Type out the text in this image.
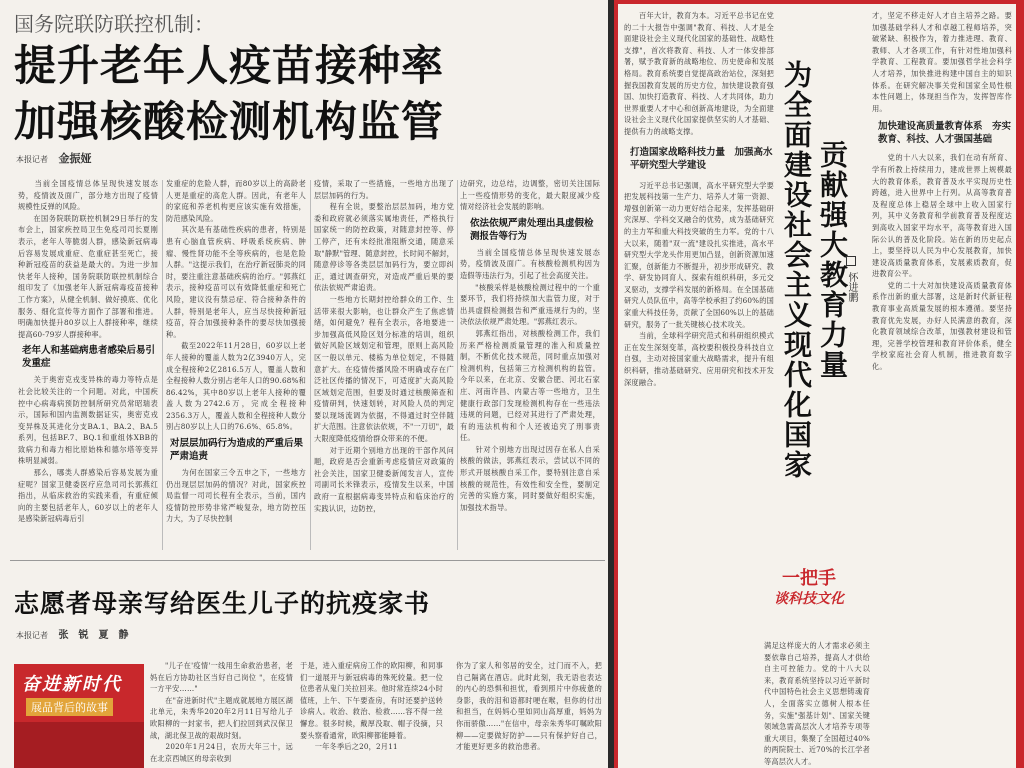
国务院联防联控机制：
提升老年人疫苗接种率
加强核酸检测机构监管
本报记者 金振娅
　　当前全国疫情总体呈现快速发展态势，疫情波及面广，部分地方出现了疫情规模性反弹的风险。
　　在国务院联防联控机制29日举行的发布会上，国家疾控局卫生免疫司司长夏刚表示，老年人等脆弱人群，感染新冠病毒后容易发展成重症、危重症甚至死亡，接种新冠疫苗的获益是最大的。为进一步加快老年人接种，国务院联防联控机制综合组印发了《加强老年人新冠病毒疫苗接种工作方案》，从健全机制、做好摸底、优化服务、细化宣传等方面作了部署和推进。明确加快提升80岁以上人群接种率，继续提高60-79岁人群接种率。
老年人和基础病患者感染后易引发重症
　　关于奥密克戎变异株的毒力等特点是社会比较关注的一个问题。对此，中国疾控中心病毒病预防控制所研究员常昭瑞表示，国际和国内监测数据证实，奥密克戎变异株及其进化分支BA.1、BA.2、BA.5系列，包括BF.7、BQ.1和重组体XBB的致病力和毒力相比原始株和德尔塔等变异株明显减弱。
　　那么，哪类人群感染后容易发展为重症呢？国家卫健委医疗应急司司长郭燕红指出，从临床救治的实践来看，有重症倾向的主要包括老年人，60岁以上的老年人是感染新冠病毒后引
发重症的危险人群，而80岁以上的高龄老人更是重症的高危人群。因此，有老年人的家庭和养老机构更应该实施有效措施，防范感染风险。
　　其次是有基础性疾病的患者，特别是患有心脑血管疾病、呼吸系统疾病、肿瘤、慢性肾功能不全等疾病的，也是危险人群。"这提示我们，在治疗新冠肺炎的同时，要注重注意基础疾病的治疗。"郭燕红表示，接种疫苗可以有效降低重症和死亡风险，建议没有禁忌症、符合接种条件的人群，特别是老年人，应当尽快接种新冠疫苗，符合加强接种条件的要尽快加强接种。
　　截至2022年11月28日，60岁以上老年人接种的覆盖人数为2亿3940万人，完成全程接种2亿2816.5万人，覆盖人数和全程接种人数分别占老年人口的90.68%和86.42%，其中80岁以上老年人接种的覆盖人数为2742.6万，完成全程接种2356.3万人，覆盖人数和全程接种人数分别占80岁以上人口的76.6%、65.8%。
对层层加码行为造成的严重后果严肃追责
　　为何在国家三令五申之下，一些地方仍出现层层加码的情况？对此，国家疾控局监督一司司长程有全表示，当前，国内疫情防控形势非常严峻复杂，地方防控压力大，为了尽快控制
疫情，采取了一些措施，一些地方出现了层层加码的行为。
　　程有全说，要整治层层加码，地方党委和政府就必须落实属地责任，严格执行国家统一的防控政策，对随意封控等、停工停产，还有未经批准阻断交通，随意采取"静默"管理、随意封控，长时间不解封，随意停诊等各类层层加码行为，要立即纠正，通过调查研究，对造成严重后果的要依法依规严肃追责。
　　一些地方长期封控给群众的工作、生活带来很大影响，也让群众产生了焦虑情绪，如何避免？程有全表示，各地要进一步加强高低风险区划分标准的培训，组织做好风险区域划定和管理，原则上高风险区一般以单元、楼栋为单位划定，不得随意扩大。在疫情传播风险不明确或存在广泛社区传播的情况下，可适度扩大高风险区域划定范围，但要及时通过核酸筛查和疫情研判，快速划转，对风险人员的判定要以现场流调为依据，不得通过时空伴随扩大范围。注意依法依规，不"一刀切"，最大限度降低疫情给群众带来的不便。
　　对于近期个别地方出现的干部作风问题，政府是否会重新考虑疫情应对政策的社会关注，国家卫健委新闻发言人，宣传司副司长米锋表示，疫情发生以来，中国政府一直根据病毒变异特点和临床治疗的实践认识，边防控，
边研究，边总结，边调整，密切关注国际上一些疫情形势的变化，最大限度减少疫情对经济社会发展的影响。
依法依规严肃处理出具虚假检测报告等行为
　　当前全国疫情总体呈现快速发展态势，疫情波及面广。有核酸检测机构因为造假等违法行为，引起了社会高度关注。
　　"核酸采样是核酸检测过程中的一个重要环节，我们将持续加大监管力度，对于出具虚假检测报告和严重违规行为的，坚决依法依规严肃处理。"郭燕红表示。
　　郭燕红指出，对核酸检测工作，我们历来严格检测质量管理的准入和质量控制，不断优化技术规范，同时重点加强对检测机构，包括第三方检测机构的监管。今年以来，在北京、安徽合肥、河北石家庄、河南许昌、内蒙古等一些地方，卫生健康行政部门发现检测机构存在一些违法违规的问题，已经对其进行了严肃处理，有的违法机构和个人还被追究了刑事责任。
　　针对个别地方出现过因存在私人自采核酸的做法，郭燕红表示，尝试以不同的形式开展核酸自采工作，要特别注意自采核酸的规范性，有效性和安全性，要制定完善的实施方案，同时要做好组织实施，加强技术指导。
志愿者母亲写给医生儿子的抗疫家书
本报记者 张　锐　夏　静
奋进新时代
展品背后的故事
　　"儿子在'疫情'一线用生命救治患者，老妈在后方协助社区当好自己岗位 "，在疫情一方平安……"
　　在"奋进新时代"主题成就展地方展区湖北单元，朱秀华2020年2月11日写给儿子欧阳柳的一封家书，把人们拉回到武汉保卫战，湖北保卫战的艰战时刻。
　　2020年1月24日，农历大年三十，远在北京西城区的母亲收到
于是，进入重症病房工作的欧阳柳，和同事们一道展开与新冠病毒的殊死较量。把一位位患者从鬼门关拉回来。他时常连续24小时值班，上午、下午要查房，有时还要护送转诊病人。收治、救治、检救……容不得一丝懈怠。很多时候，戴厚没取、帽子没摘，只要头察看通常，欧阳柳都能睡着。
　　一年冬季后之20，2月11
你为了家人和邻居的安全，过门而不入，把自己隔离在酒店。此时此刻，我无语也表达的内心的恐惧和担忧，看到照片中你疲惫的身影，我的泪和语都时哽在喉，但你的付出和担当，在妈妈心里如同山高厚重，妈妈为你而骄傲……"在信中，母亲朱秀华叮嘱欧阳柳——定要做好防护——只有保护好自己，才能更好更多的救治患者。
　　百年大计，教育为本。习近平总书记在党的二十大报告中强调"教育、科技、人才是全面建设社会主义现代化国家的基础性、战略性支撑"，首次将教育、科技、人才一体安排部署，赋予教育新的战略地位、历史使命和发展格局。教育系统要自觉提高政治站位，深刻把握我国教育发展的历史方位，加快建设教育强国、加快打造教育、科技、人才共同体，助力世界重要人才中心和创新高地建设，为全面建设社会主义现代化国家提供坚实的人才基础、提供有力的战略支撑。
打造国家战略科技力量　加强高水平研究型大学建设
　　习近平总书记强调，高水平研究型大学要把发展科技第一生产力、培养人才第一资源、增强创新第一动力更好结合起来，发挥基础研究深厚、学科交叉融合的优势，成为基础研究的主力军和重大科技突破的生力军。党的十八大以来，随着"双一流"建设扎实推进，高水平研究型大学龙头作用更加凸显，创新资源加速汇聚，创新能力不断提升，初步形成研究、教学、研发协同育人、探索有组织科研，多元交叉驱动，支撑学科发展的新格局。在全国基础研究人员队伍中，高等学校承担了约60%的国家重大科技任务，贡献了全国60%以上的基础研究，服务了一批关键核心技术攻关。
　　当前，全球科学研究范式和科研组织模式正在发生深刻变革，高校要积极投身科技自立自强，主动对接国家重大战略需求，提升有组织科研，推动基础研究、应用研究和技术开发深度融合。
贡献强大教育力量
为全面建设社会主义现代化国家	怀进鹏
一把手
谈科技文化
满足这样庞大的人才需求必须主要依靠自己培养，提高人才供给自主可控能力。党的十八大以来，教育系统坚持以习近平新时代中国特色社会主义思想铸魂育人，全面落实立德树人根本任务，实施"强基计划"、国家关键领域急需高层次人才培养专项等重大项目，集聚了全国超过40%的两院院士、近70%的长江学者等高层次人才。
才，坚定不移走好人才自主培养之路。要加强基础学科人才和卓越工程师培养，突破紧缺、积极作为，着力推进理、教育、教师、人才各项工作，有针对性地加强科学教育、工程教育。要加强哲学社会科学人才培养，加快推进构建中国自主的知识体系。在研究解决事关党和国家全局性根本性问题上，体现担当作为，发挥智库作用。
加快建设高质量教育体系　夯实教育、科技、人才强国基础
　　党的十八大以来，我们在动有所育、学有所教上持续用力，建成世界上规模最大的教育体系，教育普及水平实现历史性跨越，进入世界中上行列。从高等教育普及程度总体上稳居全球中上收入国家行列，其中义务教育和学前教育普及程度达到高收入国家平均水平，高等教育进入国际公认的普及化阶段。站在新的历史起点上，要坚持以人民为中心发展教育，加快建设高质量教育体系，发展素质教育，促进教育公平。
　　党的二十大对加快建设高质量教育体系作出新的重大部署，这是新时代新征程教育事业高质量发展的根本遵循。要坚持教育优先发展，办好人民满意的教育，深化教育领域综合改革，加强教材建设和管理，完善学校管理和教育评价体系，健全学校家庭社会育人机制，推进教育数字化。
